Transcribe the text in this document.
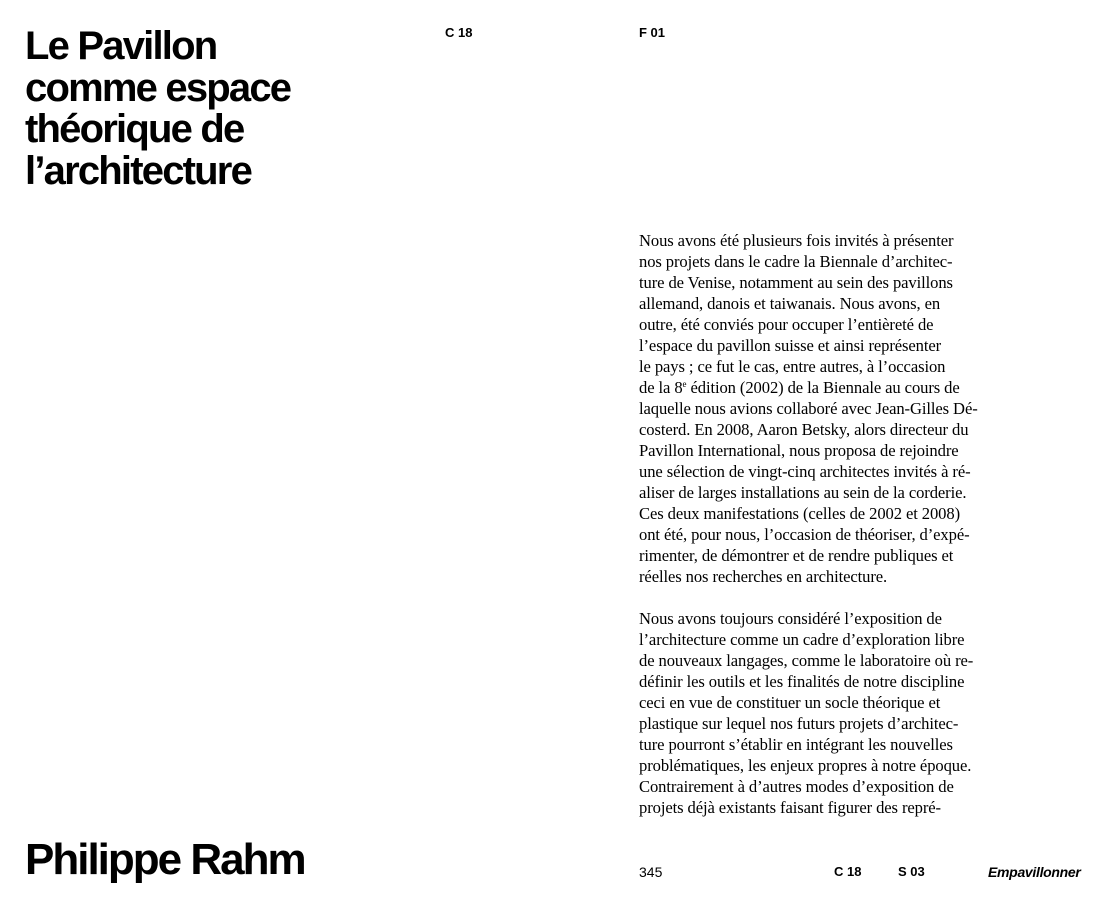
Le Pavillon
comme espace
théorique de
l’architecture
C 18	F 01

Nous avons été plusieurs fois invités à présenter
nos projets dans le cadre la Biennale d’architec-
ture de Venise, notamment au sein des pavillons
allemand, danois et taiwanais. Nous avons, en
outre, été conviés pour occuper l’entièreté de
l’espace du pavillon suisse et ainsi représenter
le pays ; ce fut le cas, entre autres, à l’occasion
de la 8e édition (2002) de la Biennale au cours de
laquelle nous avions collaboré avec Jean-Gilles Dé-
costerd. En 2008, Aaron Betsky, alors directeur du
Pavillon International, nous proposa de rejoindre
une sélection de vingt-cinq architectes invités à ré-
aliser de larges installations au sein de la corderie.
Ces deux manifestations (celles de 2002 et 2008)
ont été, pour nous, l’occasion de théoriser, d’expé-
rimenter, de démontrer et de rendre publiques et
réelles nos recherches en architecture.

Nous avons toujours considéré l’exposition de
l’architecture comme un cadre d’exploration libre
de nouveaux langages, comme le laboratoire où re-
définir les outils et les finalités de notre discipline
ceci en vue de constituer un socle théorique et
plastique sur lequel nos futurs projets d’architec-
ture pourront s’établir en intégrant les nouvelles
problématiques, les enjeux propres à notre époque.
Contrairement à d’autres modes d’exposition de
projets déjà existants faisant figurer des repré-

Philippe Rahm	345	C 18	S 03	Empavillonner
